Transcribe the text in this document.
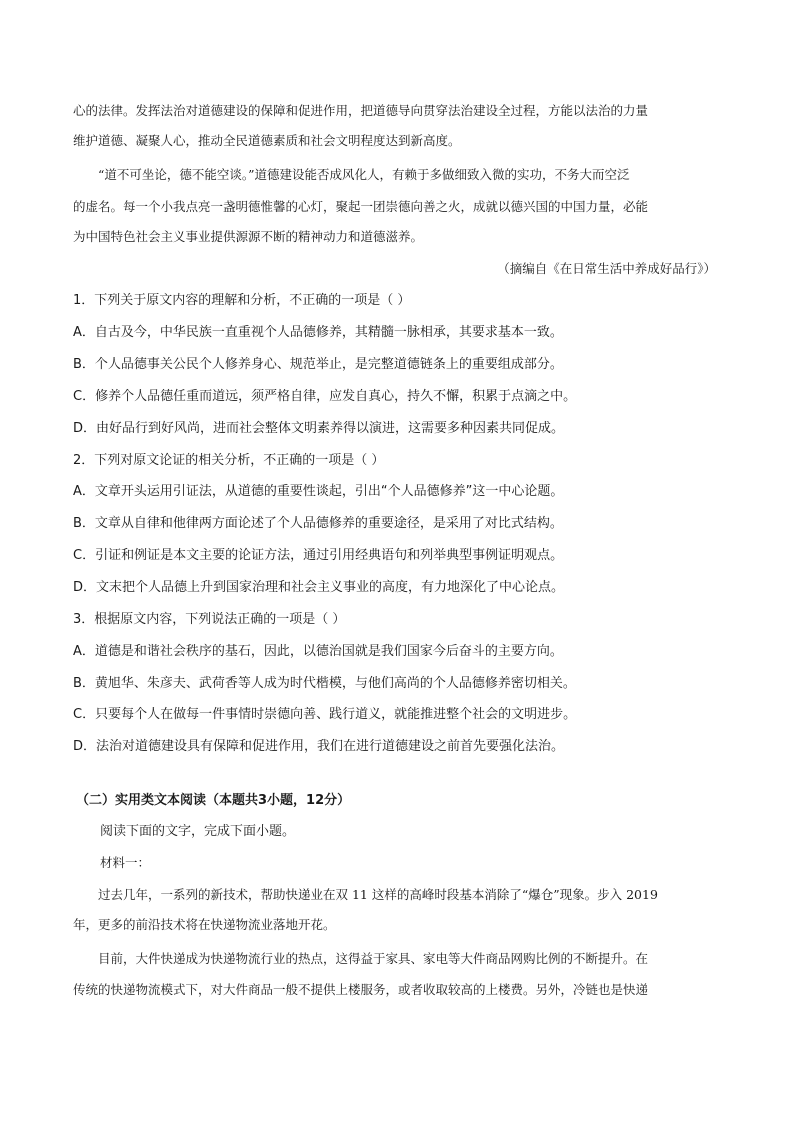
心的法律。发挥法治对道德建设的保障和促进作用，把道德导向贯穿法治建设全过程，方能以法治的力量
维护道德、凝聚人心，推动全民道德素质和社会文明程度达到新高度。
“道不可坐论，德不能空谈。”道德建设能否成风化人，有赖于多做细致入微的实功，不务大而空泛
的虚名。每一个小我点亮一盏明德惟馨的心灯，聚起一团崇德向善之火，成就以德兴国的中国力量，必能
为中国特色社会主义事业提供源源不断的精神动力和道德滋养。
（摘编自《在日常生活中养成好品行》）
1．下列关于原文内容的理解和分析，不正确的一项是（ ）
A．自古及今，中华民族一直重视个人品德修养，其精髓一脉相承，其要求基本一致。
B．个人品德事关公民个人修养身心、规范举止，是完整道德链条上的重要组成部分。
C．修养个人品德任重而道远，须严格自律，应发自真心，持久不懈，积累于点滴之中。
D．由好品行到好风尚，进而社会整体文明素养得以演进，这需要多种因素共同促成。
2．下列对原文论证的相关分析，不正确的一项是（ ）
A．文章开头运用引证法，从道德的重要性谈起，引出“个人品德修养”这一中心论题。
B．文章从自律和他律两方面论述了个人品德修养的重要途径，是采用了对比式结构。
C．引证和例证是本文主要的论证方法，通过引用经典语句和列举典型事例证明观点。
D．文末把个人品德上升到国家治理和社会主义事业的高度，有力地深化了中心论点。
3．根据原文内容，下列说法正确的一项是（ ）
A．道德是和谐社会秩序的基石，因此，以德治国就是我们国家今后奋斗的主要方向。
B．黄旭华、朱彦夫、武荷香等人成为时代楷模，与他们高尚的个人品德修养密切相关。
C．只要每个人在做每一件事情时崇德向善、践行道义，就能推进整个社会的文明进步。
D．法治对道德建设具有保障和促进作用，我们在进行道德建设之前首先要强化法治。
（二）实用类文本阅读（本题共3小题，12分）
阅读下面的文字，完成下面小题。
材料一：
过去几年，一系列的新技术，帮助快递业在双 11 这样的高峰时段基本消除了“爆仓”现象。步入 2019
年，更多的前沿技术将在快递物流业落地开花。
目前，大件快递成为快递物流行业的热点，这得益于家具、家电等大件商品网购比例的不断提升。在
传统的快递物流模式下，对大件商品一般不提供上楼服务，或者收取较高的上楼费。另外，冷链也是快递
